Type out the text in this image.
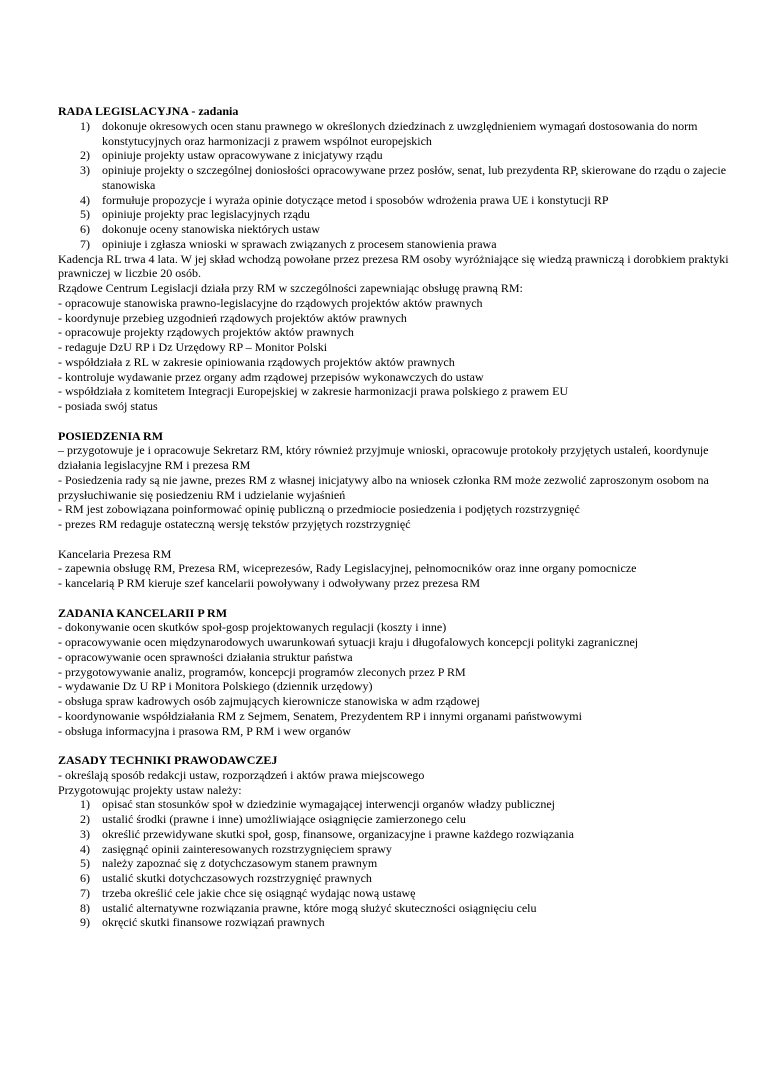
RADA LEGISLACYJNA - zadania
1) dokonuje okresowych ocen stanu prawnego w określonych dziedzinach z uwzględnieniem wymagań dostosowania do norm konstytucyjnych oraz harmonizacji z prawem wspólnot europejskich
2) opiniuje projekty ustaw opracowywane z inicjatywy rządu
3) opiniuje projekty o szczególnej doniosłości opracowywane przez posłów, senat, lub prezydenta RP, skierowane do rządu o zajecie stanowiska
4) formułuje propozycje i wyraża opinie dotyczące metod i sposobów wdrożenia prawa UE i konstytucji RP
5) opiniuje projekty prac legislacyjnych rządu
6) dokonuje oceny stanowiska niektórych ustaw
7) opiniuje i zgłasza wnioski w sprawach związanych z procesem stanowienia prawa

Kadencja RL trwa 4 lata. W jej skład wchodzą powołane przez prezesa RM osoby wyróżniające się wiedzą prawniczą i dorobkiem praktyki prawniczej w liczbie 20 osób.

Rządowe Centrum Legislacji działa przy RM w szczególności zapewniając obsługę prawną RM:

- opracowuje stanowiska prawno-legislacyjne do rządowych projektów aktów prawnych

- koordynuje przebieg uzgodnień rządowych projektów aktów prawnych

- opracowuje projekty rządowych projektów aktów prawnych

- redaguje DzU RP i Dz Urzędowy RP – Monitor Polski

- współdziała z RL w zakresie opiniowania rządowych projektów aktów prawnych

- kontroluje wydawanie przez organy adm rządowej przepisów wykonawczych do ustaw

- współdziała z komitetem Integracji Europejskiej w zakresie harmonizacji prawa polskiego z prawem EU

- posiada swój status

POSIEDZENIA RM

– przygotowuje je i opracowuje Sekretarz RM, który również przyjmuje wnioski, opracowuje protokoły przyjętych ustaleń, koordynuje działania legislacyjne RM i prezesa RM

- Posiedzenia rady są nie jawne, prezes RM z własnej inicjatywy albo na wniosek członka RM może zezwolić zaproszonym osobom na przysłuchiwanie się posiedzeniu RM i udzielanie wyjaśnień

- RM jest zobowiązana poinformować opinię publiczną o przedmiocie posiedzenia i podjętych rozstrzygnięć

- prezes RM redaguje ostateczną wersję tekstów przyjętych rozstrzygnięć

Kancelaria Prezesa RM

- zapewnia obsługę RM, Prezesa RM, wiceprezesów, Rady Legislacyjnej, pełnomocników oraz inne organy pomocnicze

- kancelarią P RM kieruje szef kancelarii powoływany i odwoływany przez prezesa RM

ZADANIA KANCELARII P RM

- dokonywanie ocen skutków społ-gosp projektowanych regulacji (koszty i inne)

- opracowywanie ocen międzynarodowych uwarunkowań sytuacji kraju i długofalowych koncepcji polityki zagranicznej

- opracowywanie ocen sprawności działania struktur państwa

- przygotowywanie analiz, programów, koncepcji programów zleconych przez P RM

- wydawanie Dz U RP i Monitora Polskiego (dziennik urzędowy)

- obsługa spraw kadrowych osób zajmujących kierownicze stanowiska w adm rządowej

- koordynowanie współdziałania RM z Sejmem, Senatem, Prezydentem RP i innymi organami państwowymi

- obsługa informacyjna i prasowa RM, P RM i wew organów

ZASADY TECHNIKI PRAWODAWCZEJ

- określają sposób redakcji ustaw, rozporządzeń i aktów prawa miejscowego

Przygotowując projekty ustaw należy:

1) opisać stan stosunków społ w dziedzinie wymagającej interwencji organów władzy publicznej
2) ustalić środki (prawne i inne) umożliwiające osiągnięcie zamierzonego celu
3) określić przewidywane skutki społ, gosp, finansowe, organizacyjne i prawne każdego rozwiązania
4) zasięgnąć opinii zainteresowanych rozstrzygnięciem sprawy
5) należy zapoznać się z dotychczasowym stanem prawnym
6) ustalić skutki dotychczasowych rozstrzygnięć prawnych
7) trzeba określić cele jakie chce się osiągnąć wydając nową ustawę
8) ustalić alternatywne rozwiązania prawne, które mogą służyć skuteczności osiągnięciu celu
9) okręcić skutki finansowe rozwiązań prawnych
